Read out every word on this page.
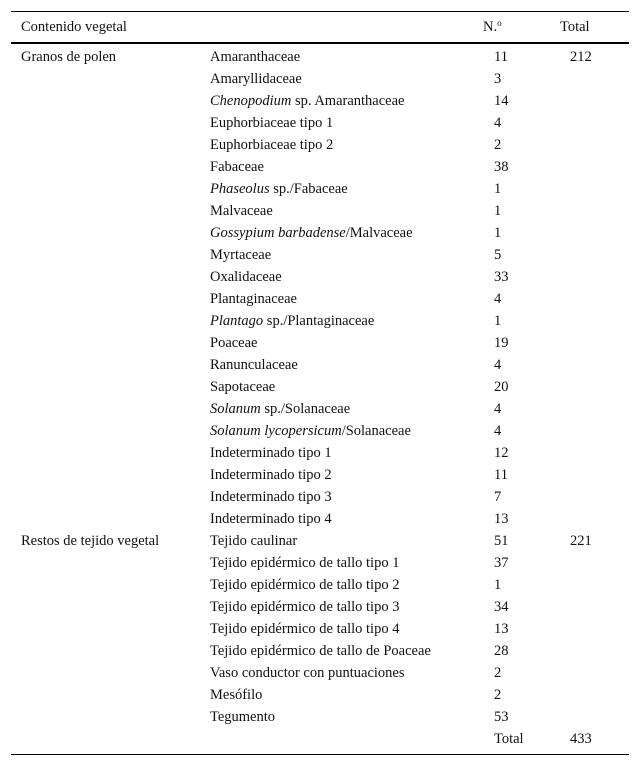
Contenido vegetal		N.$^o$	Total
Granos de polen	Amaranthaceae	11	212
	Amaryllidaceae	3	
	Chenopodium sp. Amaranthaceae	14	
	Euphorbiaceae tipo 1	4	
	Euphorbiaceae tipo 2	2	
	Fabaceae	38	
	Phaseolus sp./Fabaceae	1	
	Malvaceae	1	
	Gossypium barbadense/Malvaceae	1	
	Myrtaceae	5	
	Oxalidaceae	33	
	Plantaginaceae	4	
	Plantago sp./Plantaginaceae	1	
	Poaceae	19	
	Ranunculaceae	4	
	Sapotaceae	20	
	Solanum sp./Solanaceae	4	
	Solanum lycopersicum/Solanaceae	4	
	Indeterminado tipo 1	12	
	Indeterminado tipo 2	11	
	Indeterminado tipo 3	7	
	Indeterminado tipo 4	13	
Restos de tejido vegetal	Tejido caulinar	51	221
	Tejido epidérmico de tallo tipo 1	37	
	Tejido epidérmico de tallo tipo 2	1	
	Tejido epidérmico de tallo tipo 3	34	
	Tejido epidérmico de tallo tipo 4	13	
	Tejido epidérmico de tallo de Poaceae	28	
	Vaso conductor con puntuaciones	2	
	Mesófilo	2	
	Tegumento	53	
		Total	433
